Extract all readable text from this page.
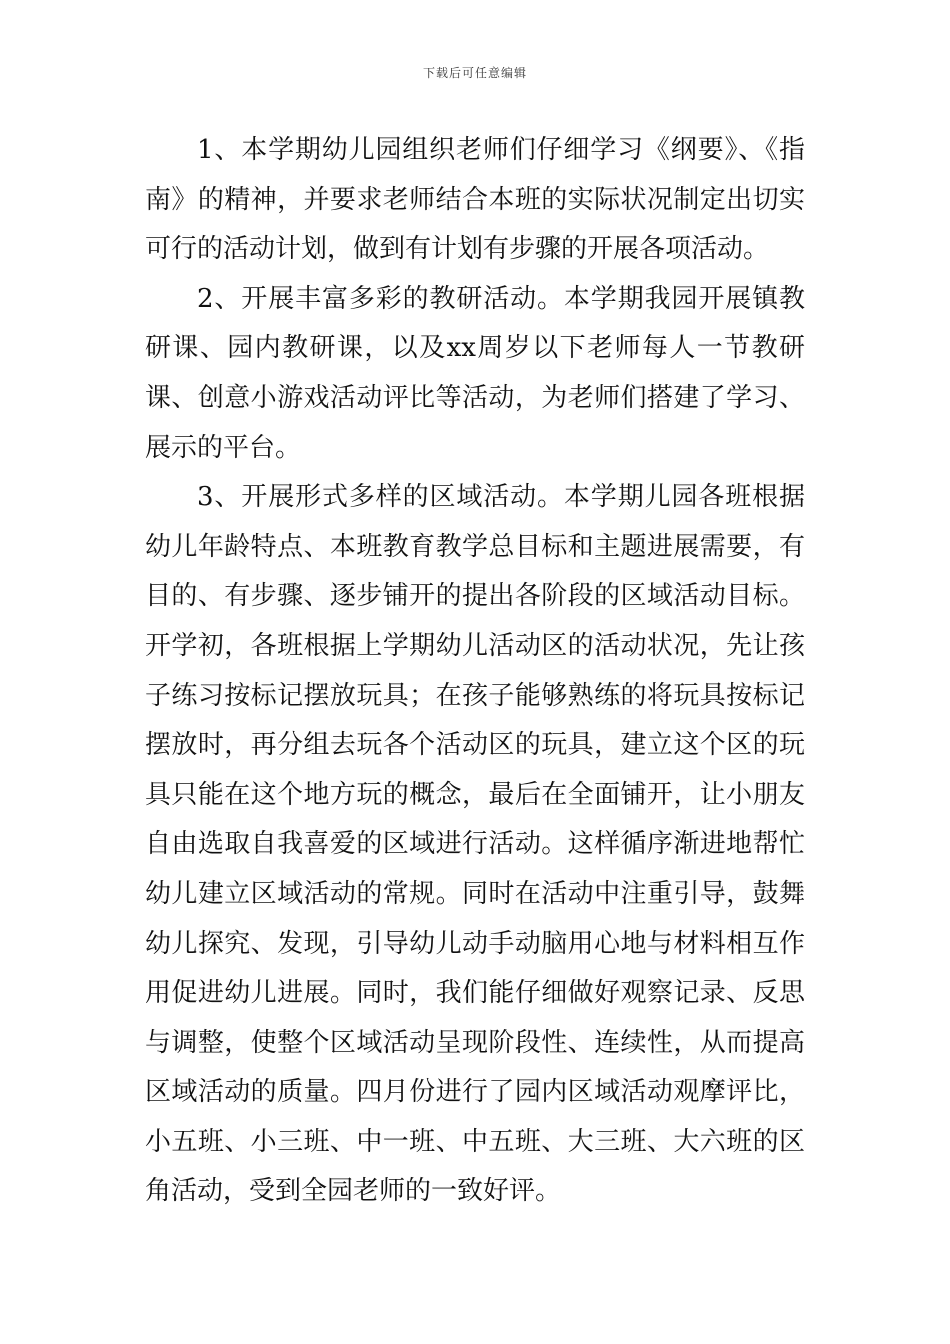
下载后可任意编辑

1、本学期幼儿园组织老师们仔细学习《纲要》、《指南》的精神，并要求老师结合本班的实际状况制定出切实可行的活动计划，做到有计划有步骤的开展各项活动。

2、开展丰富多彩的教研活动。本学期我园开展镇教研课、园内教研课，以及xx周岁以下老师每人一节教研课、创意小游戏活动评比等活动，为老师们搭建了学习、展示的平台。

3、开展形式多样的区域活动。本学期儿园各班根据幼儿年龄特点、本班教育教学总目标和主题进展需要，有目的、有步骤、逐步铺开的提出各阶段的区域活动目标。开学初，各班根据上学期幼儿活动区的活动状况，先让孩子练习按标记摆放玩具；在孩子能够熟练的将玩具按标记摆放时，再分组去玩各个活动区的玩具，建立这个区的玩具只能在这个地方玩的概念，最后在全面铺开，让小朋友自由选取自我喜爱的区域进行活动。这样循序渐进地帮忙幼儿建立区域活动的常规。同时在活动中注重引导，鼓舞幼儿探究、发现，引导幼儿动手动脑用心地与材料相互作用促进幼儿进展。同时，我们能仔细做好观察记录、反思与调整，使整个区域活动呈现阶段性、连续性，从而提高区域活动的质量。四月份进行了园内区域活动观摩评比，小五班、小三班、中一班、中五班、大三班、大六班的区角活动，受到全园老师的一致好评。
